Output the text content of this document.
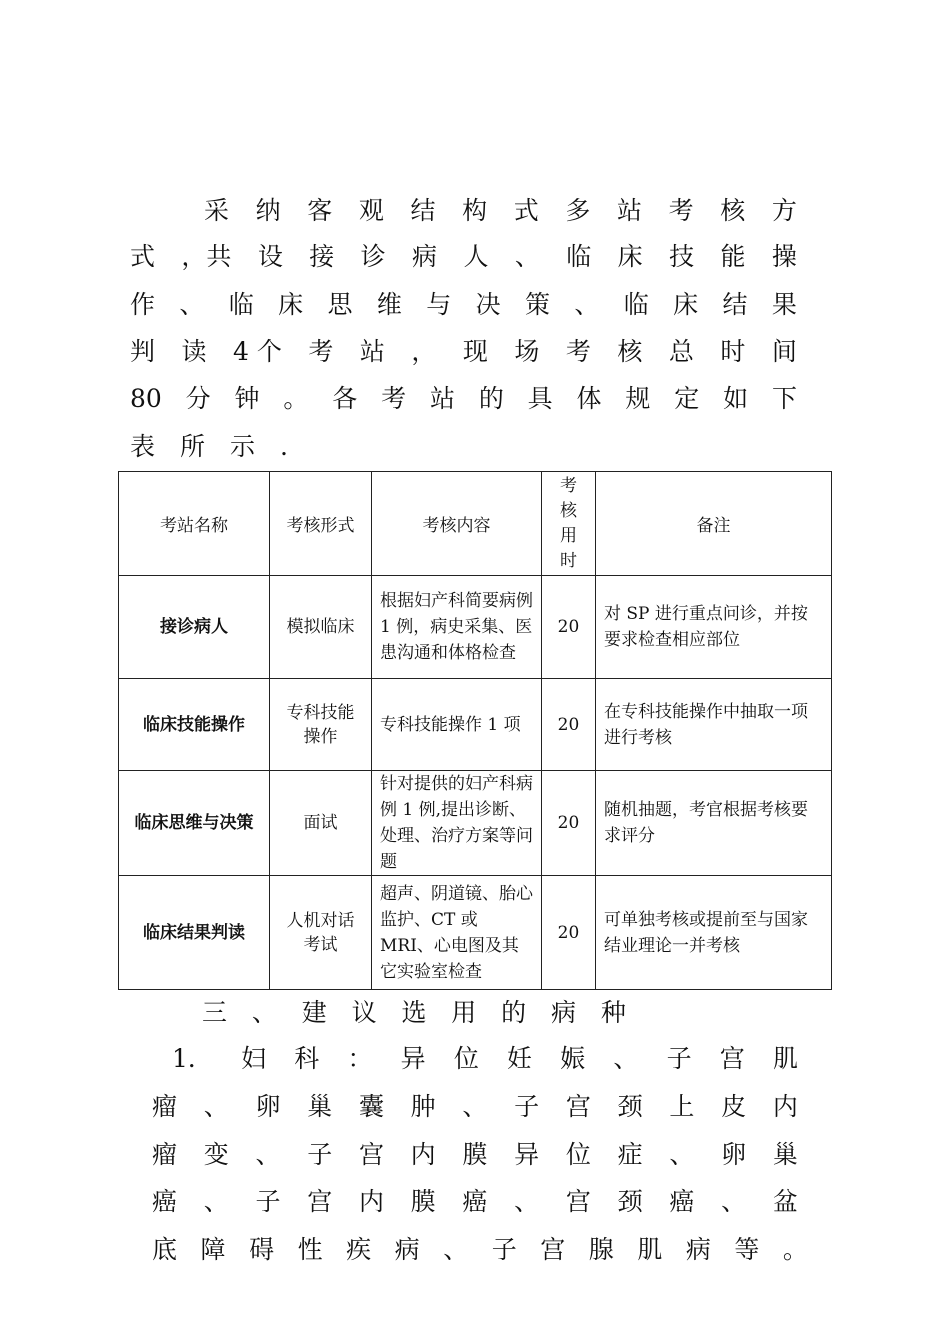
采 纳 客 观 结 构 式 多 站 考 核 方
式 ，共 设 接 诊 病 人 、 临 床 技 能 操
作 、 临 床 思 维 与 决 策 、 临 床 结 果
判 读 4 个 考 站 ， 现 场 考 核 总 时 间
80 分 钟 。 各 考 站 的 具 体 规 定 如 下
表 所 示 .
考站名称	考核形式	考核内容	考核用时	备注
接诊病人	模拟临床	根据妇产科简要病例 1 例，病史采集、医患沟通和体格检查	20	对 SP 进行重点问诊，并按要求检查相应部位
临床技能操作	专科技能操作	专科技能操作 1 项	20	在专科技能操作中抽取一项进行考核
临床思维与决策	面试	针对提供的妇产科病例 1 例,提出诊断、处理、治疗方案等问题	20	随机抽题，考官根据考核要求评分
临床结果判读	人机对话考试	超声、阴道镜、胎心监护、CT 或 MRI、心电图及其它实验室检查	20	可单独考核或提前至与国家结业理论一并考核
三 、 建 议 选 用 的 病 种
1． 妇 科 ： 异 位 妊 娠 、 子 宫 肌
瘤 、 卵 巢 囊 肿 、 子 宫 颈 上 皮 内
瘤 变 、 子 宫 内 膜 异 位 症 、 卵 巢
癌 、 子 宫 内 膜 癌 、 宫 颈 癌 、 盆
底 障 碍 性 疾 病 、 子 宫 腺 肌 病 等 。
